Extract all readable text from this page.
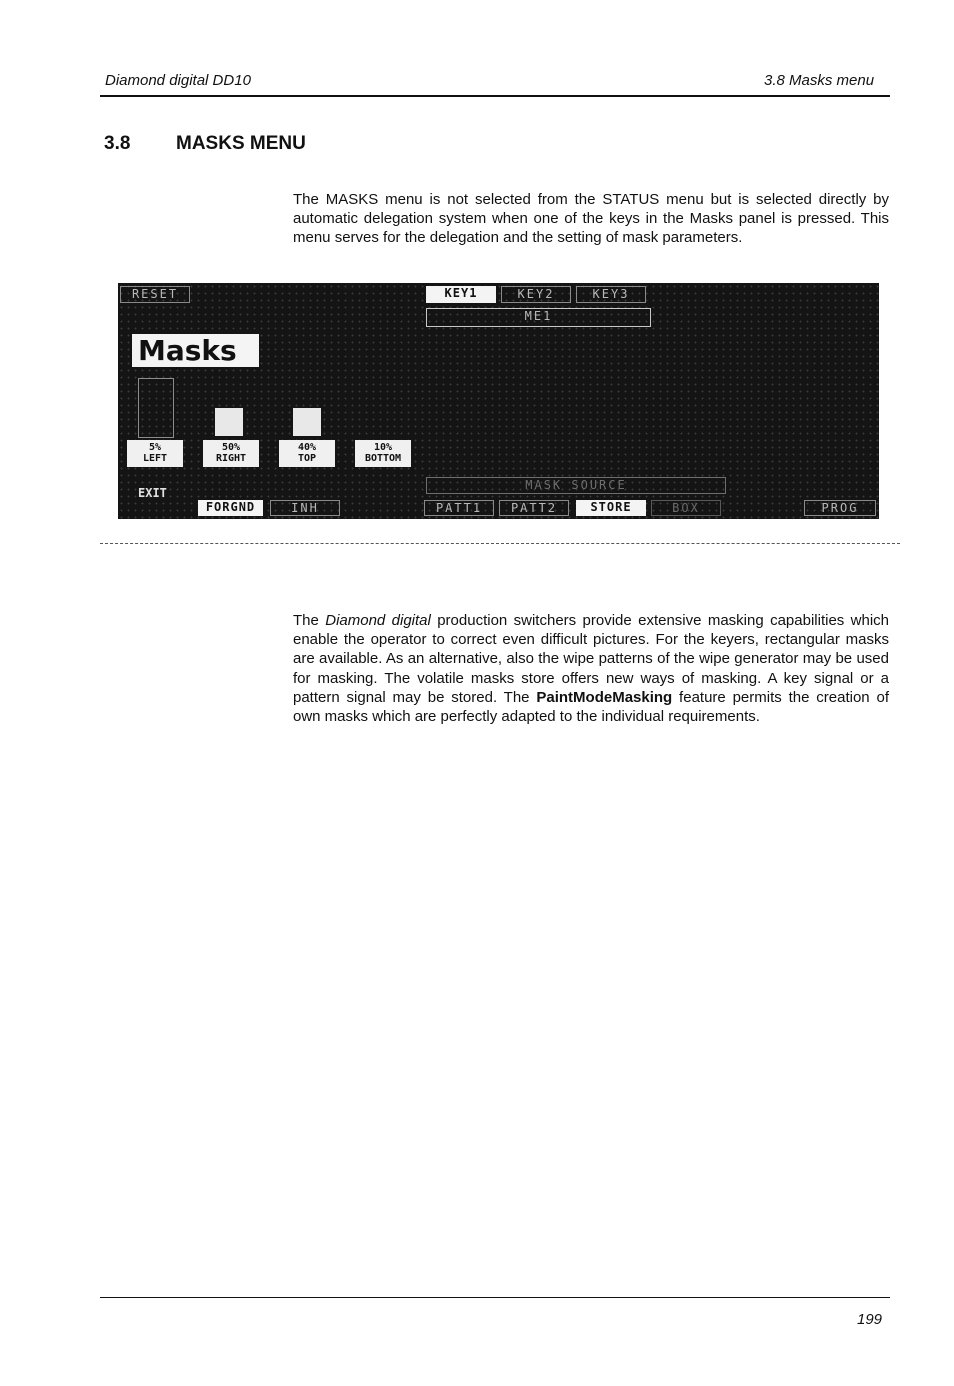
Diamond digital DD10	3.8 Masks menu
3.8 MASKS MENU

The MASKS menu is not selected from the STATUS menu but is selected directly by automatic delegation system when one of the keys in the Masks panel is pressed. This menu serves for the delegation and the setting of mask parameters.

RESET
Masks
KEY1	KEY2	KEY3
ME1
5%
LEFT
50%
RIGHT
40%
TOP
10%
BOTTOM
MASK SOURCE
EXIT
FORGND	INH	PATT1	PATT2	STORE	BOX	PROG

The Diamond digital production switchers provide extensive masking capabilities which enable the operator to correct even difficult pictures. For the keyers, rectangular masks are available. As an alternative, also the wipe patterns of the wipe generator may be used for masking. The volatile masks store offers new ways of masking. A key signal or a pattern signal may be stored. The PaintModeMasking feature permits the creation of own masks which are perfectly adapted to the individual requirements.

199
